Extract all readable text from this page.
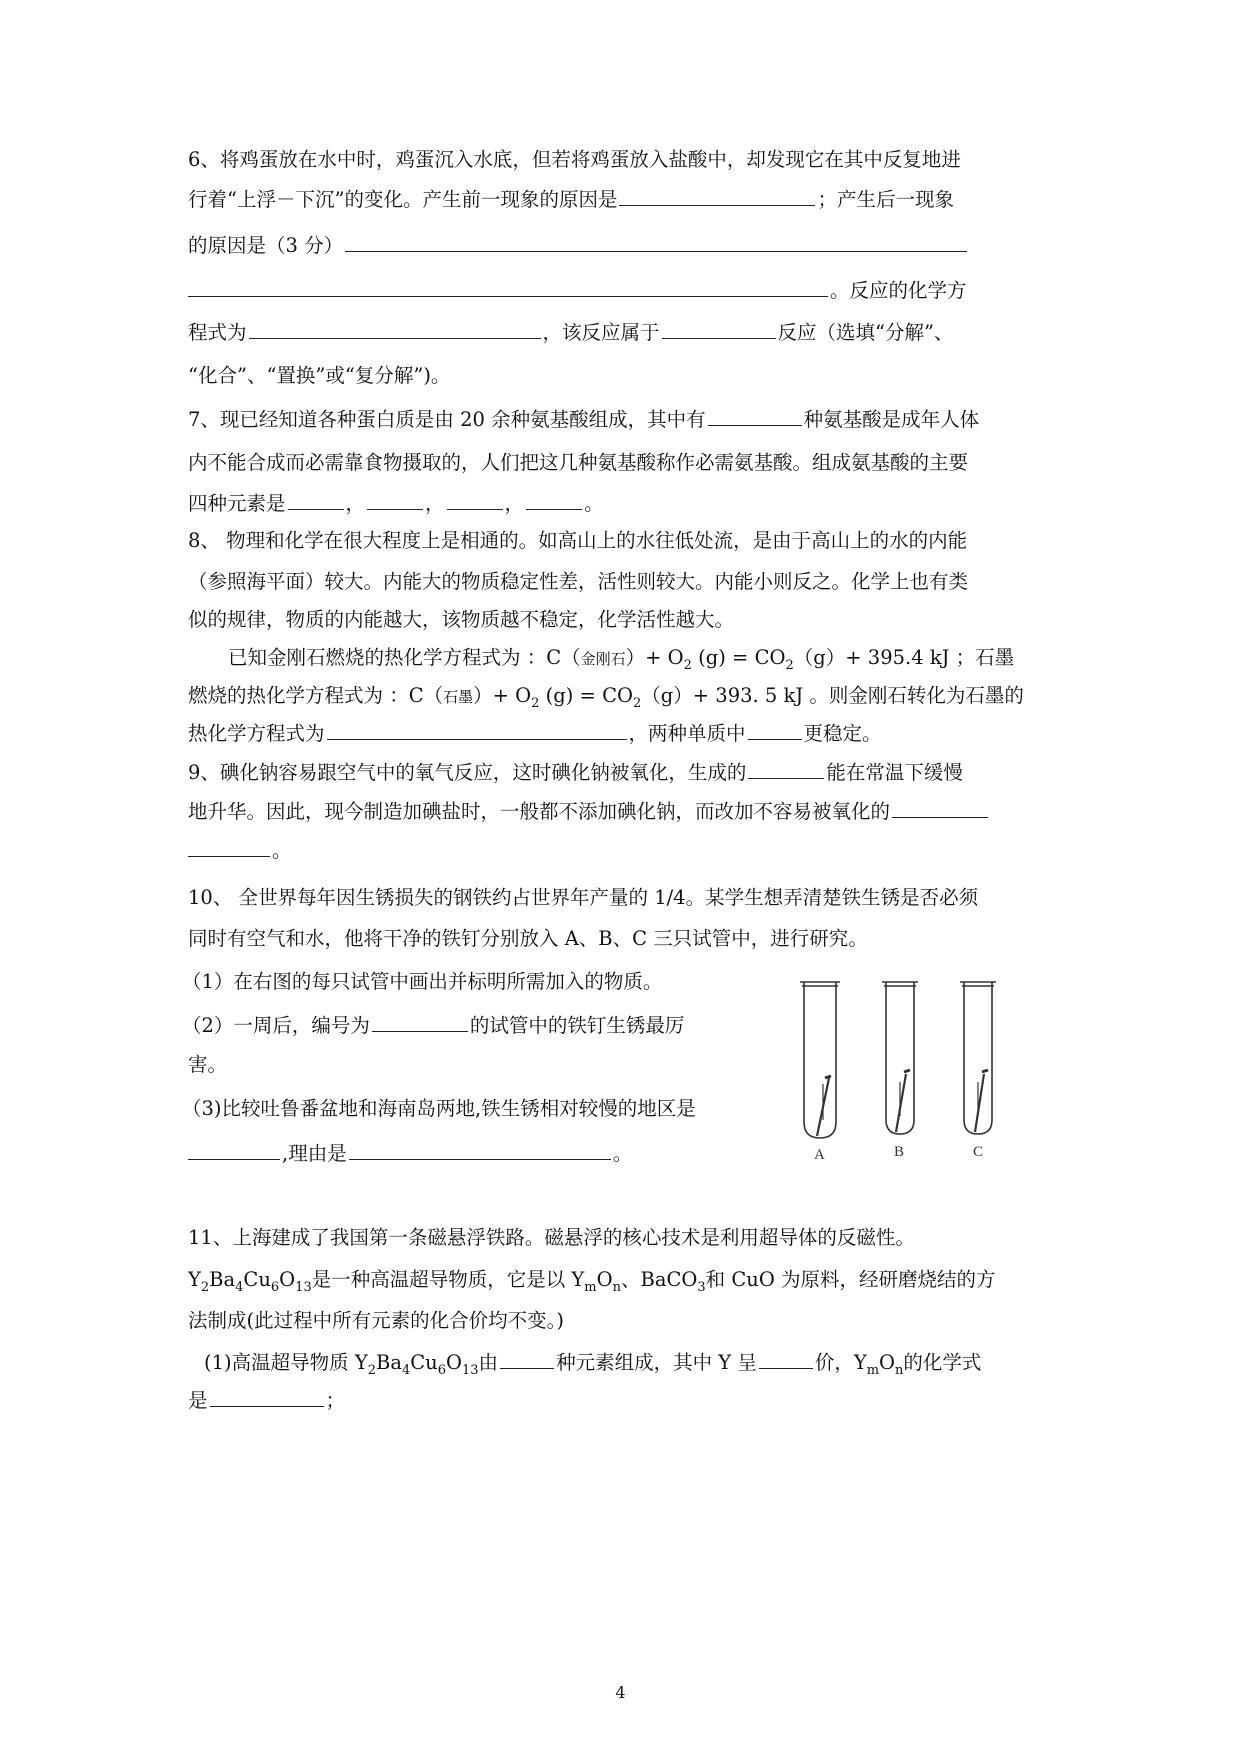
6、将鸡蛋放在水中时，鸡蛋沉入水底，但若将鸡蛋放入盐酸中，却发现它在其中反复地进
行着“上浮－下沉”的变化。产生前一现象的原因是	；产生后一现象
的原因是（3 分）
。反应的化学方
程式为	，该反应属于	反应（选填“分解”、
“化合”、“置换”或“复分解”)。
7、现已经知道各种蛋白质是由 20 余种氨基酸组成，其中有	种氨基酸是成年人体
内不能合成而必需靠食物摄取的，人们把这几种氨基酸称作必需氨基酸。组成氨基酸的主要
四种元素是	，	，	，	。
8、 物理和化学在很大程度上是相通的。如高山上的水往低处流，是由于高山上的水的内能
（参照海平面）较大。内能大的物质稳定性差，活性则较大。内能小则反之。化学上也有类
似的规律，物质的内能越大，该物质越不稳定，化学活性越大。
已知金刚石燃烧的热化学方程式为 ：C（金刚石）+ $O_2$ $(g) = CO_2(g)+ 395.4$ kJ ；石墨
燃烧的热化学方程式为 ：C（石墨）+ $O_2$ $(g) = CO_2(g)+ 393$. 5 kJ 。则金刚石转化为石墨的
热化学方程式为	，两种单质中	更稳定。
9、碘化钠容易跟空气中的氧气反应，这时碘化钠被氧化，生成的	能在常温下缓慢
地升华。因此，现今制造加碘盐时，一般都不添加碘化钠，而改加不容易被氧化的
。
10、 全世界每年因生锈损失的钢铁约占世界年产量的 1/4。某学生想弄清楚铁生锈是否必须
同时有空气和水，他将干净的铁钉分别放入 A、B、C 三只试管中，进行研究。
（1）在右图的每只试管中画出并标明所需加入的物质。
（2）一周后，编号为	的试管中的铁钉生锈最厉
害。
（3)比较吐鲁番盆地和海南岛两地,铁生锈相对较慢的地区是
,理由是	。	A	B	C
11、上海建成了我国第一条磁悬浮铁路。磁悬浮的核心技术是利用超导体的反磁性。
$Y_2Ba_4Cu_6O_{13}$是一种高温超导物质，它是以 $Y_mO_n$、BaCO$_3$和 CuO 为原料，经研磨烧结的方
法制成(此过程中所有元素的化合价均不变。)
(1)高温超导物质 $Y_2Ba_4Cu_6O_{13}$由	种元素组成，其中 Y 呈	价，$Y_mO_n$的化学式
是	；
4
